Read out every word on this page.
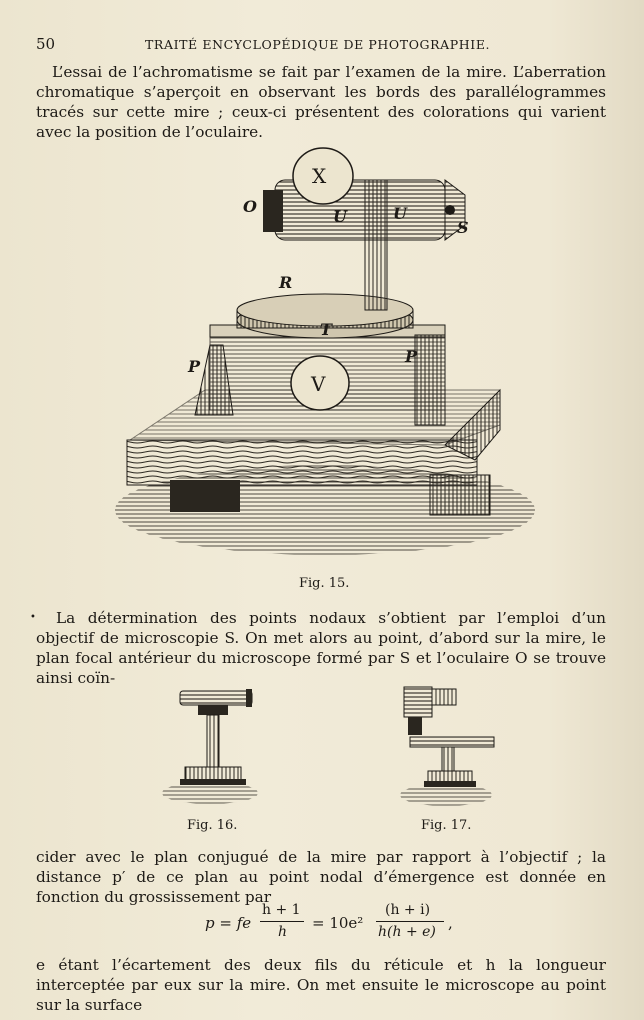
50	TRAITÉ ENCYCLOPÉDIQUE DE PHOTOGRAPHIE.
L’essai de l’achromatisme se fait par l’examen de la mire. L’aberration chromatique s’aperçoit en observant les bords des parallélogrammes tracés sur cette mire ; ceux-ci présentent des colorations qui varient avec la position de l’oculaire.
O
X
U	U
S
R
T
P
P
V
Fig. 15.
•	La détermination des points nodaux s’obtient par l’emploi d’un objectif de microscopie S. On met alors au point, d’abord sur la mire, le plan focal antérieur du microscope formé par S et l’oculaire O se trouve ainsi coïn-
Fig. 16.	Fig. 17.
cider avec le plan conjugué de la mire par rapport à l’objectif ; la distance p′ de ce plan au point nodal d’émergence est donnée en fonction du grossissement par
p = fe
h + 1
h = 10e²
(h + i)
h(h + e) ,
e étant l’écartement des deux fils du réticule et h la longueur interceptée par eux sur la mire. On met ensuite le microscope au point sur la surface
